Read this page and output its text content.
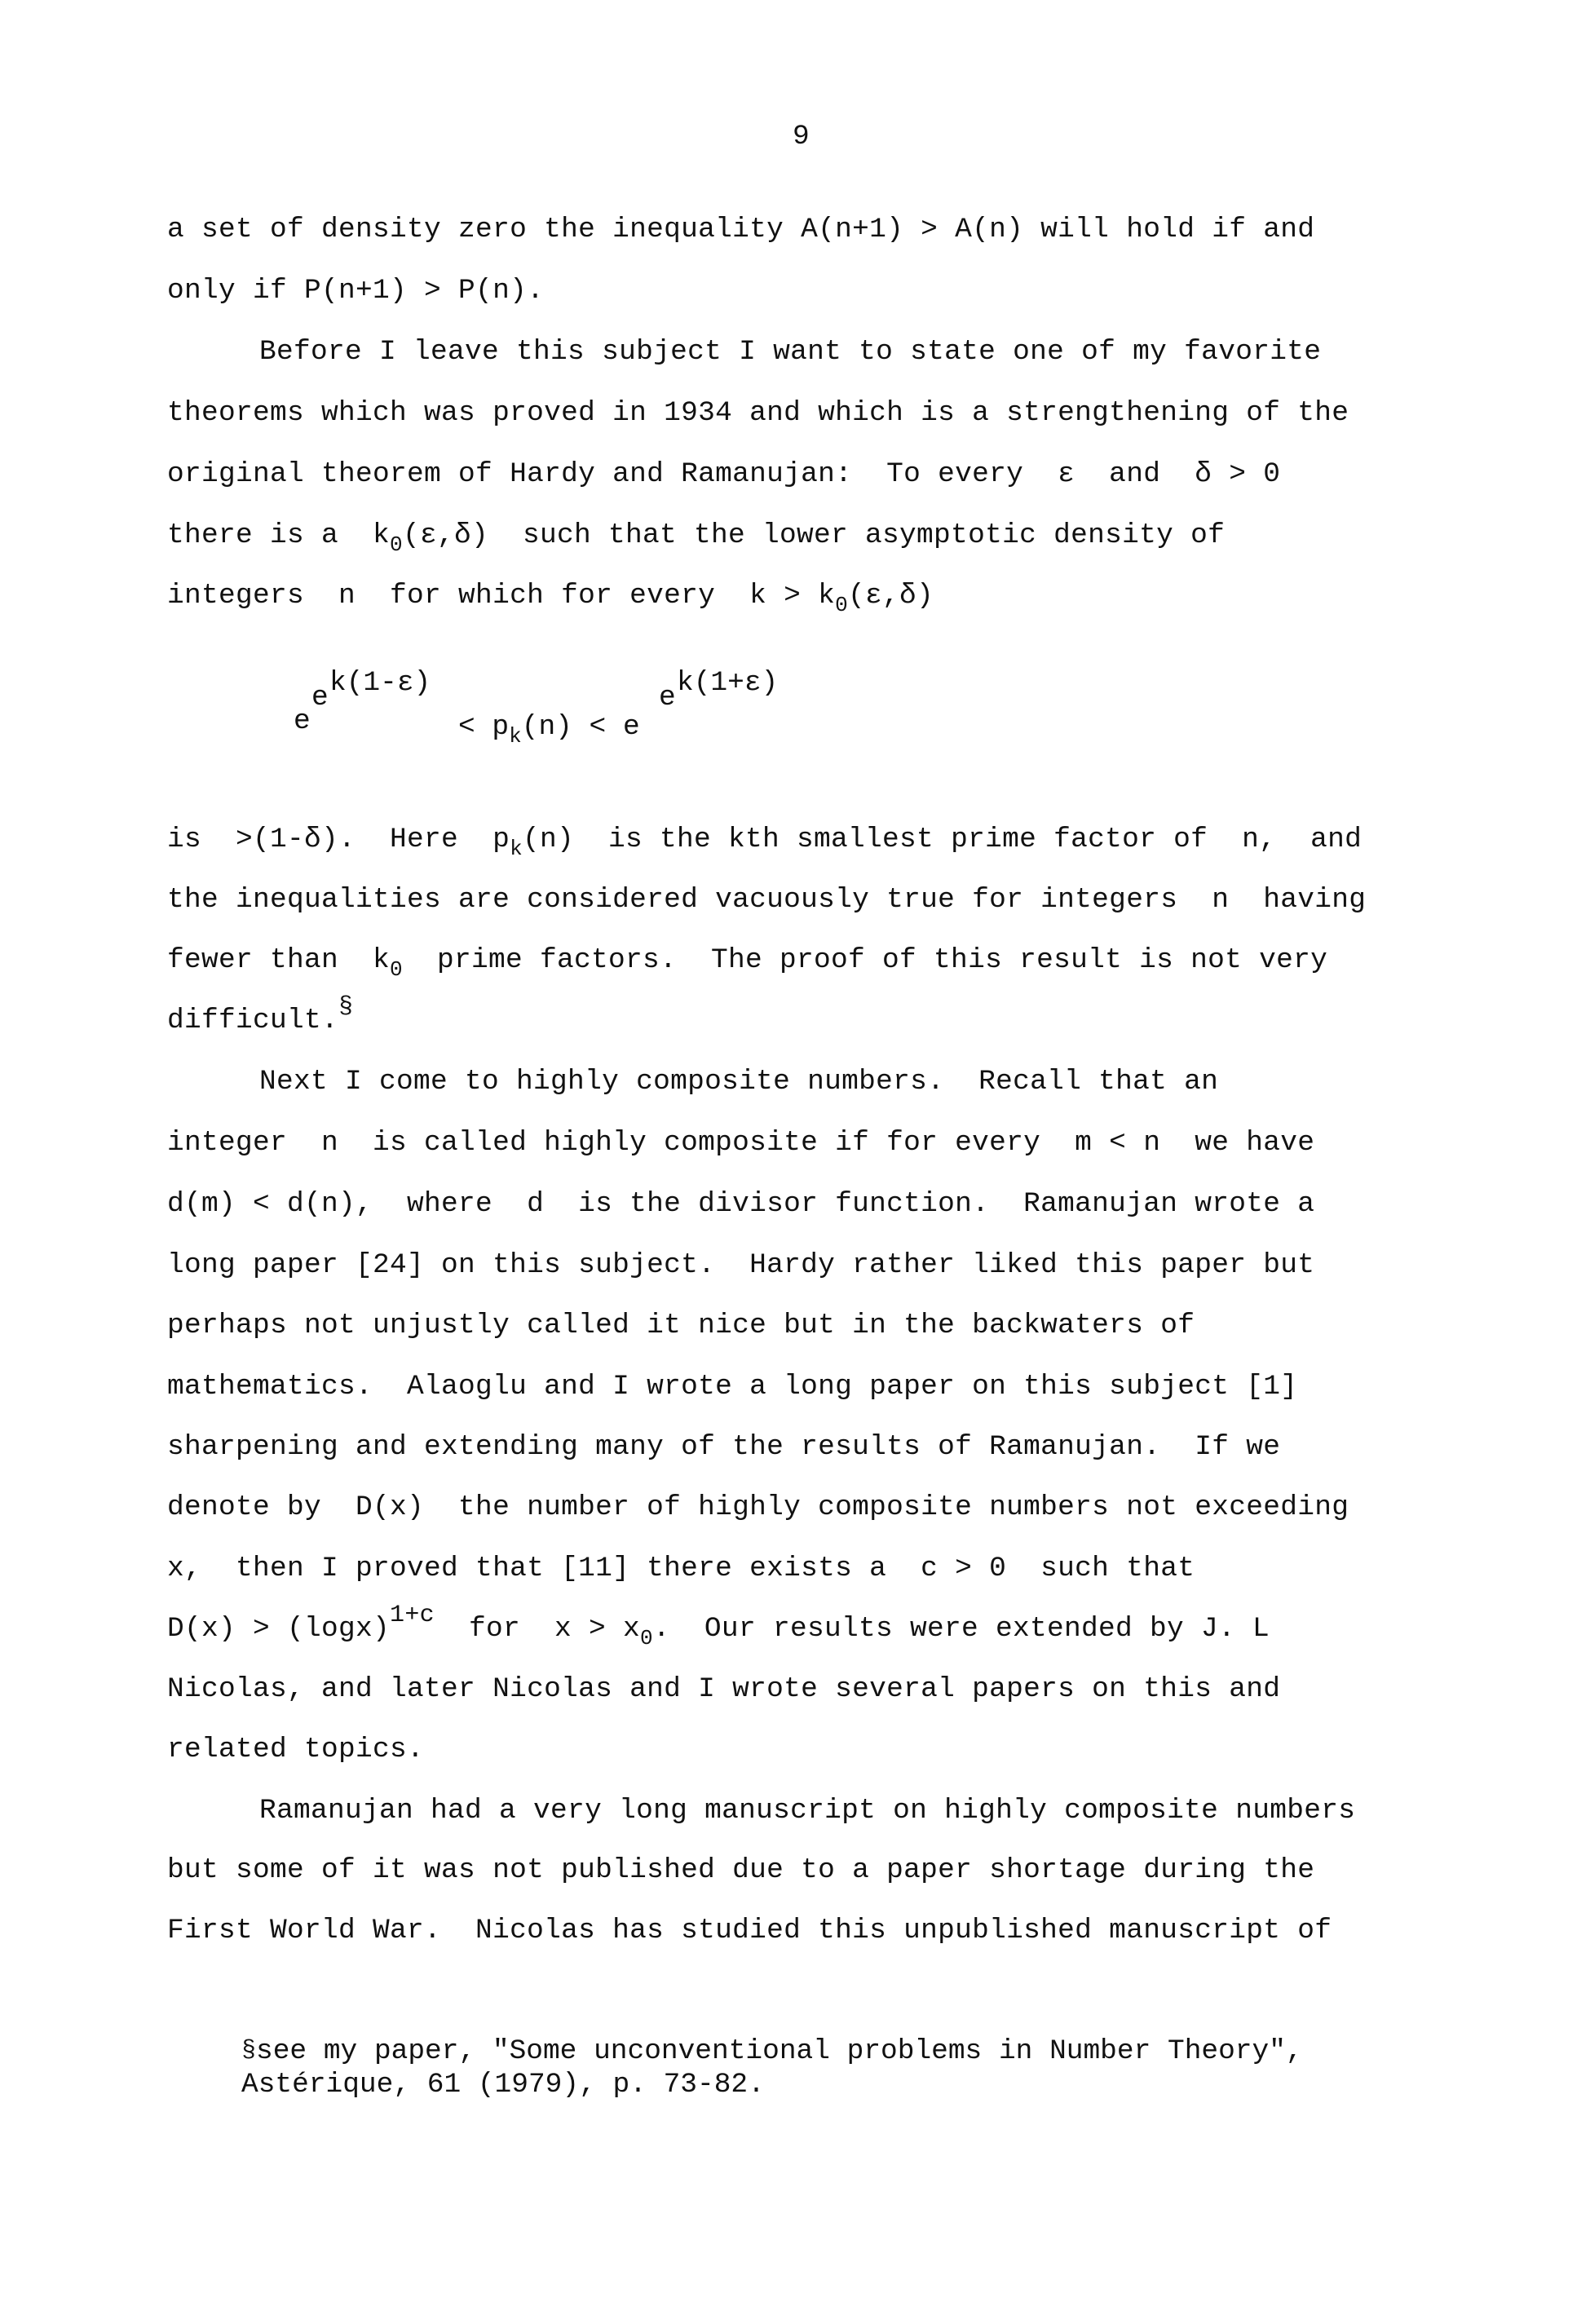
9
a set of density zero the inequality A(n+1) > A(n) will hold if and
only if P(n+1) > P(n).
Before I leave this subject I want to state one of my favorite
theorems which was proved in 1934 and which is a strengthening of the
original theorem of Hardy and Ramanujan:  To every  ε  and  δ > 0
there is a  $k_0(\varepsilon,\delta)$  such that the lower asymptotic density of
integers  n  for which for every  $k > k_0(\varepsilon,\delta)$
e
e k(1-ε)
< $p_k(n) < e$
e k(1+ε)
is  >(1-δ).  Here  $p_k(n)$  is the kth smallest prime factor of  n,  and
the inequalities are considered vacuously true for integers  n  having
fewer than  $k_0$  prime factors.  The proof of this result is not very
difficult.§
Next I come to highly composite numbers.  Recall that an
integer  n  is called highly composite if for every  m < n  we have
d(m) < d(n),  where  d  is the divisor function.  Ramanujan wrote a
long paper [24] on this subject.  Hardy rather liked this paper but
perhaps not unjustly called it nice but in the backwaters of
mathematics.  Alaoglu and I wrote a long paper on this subject [1]
sharpening and extending many of the results of Ramanujan.  If we
denote by  D(x)  the number of highly composite numbers not exceeding
x,  then I proved that [11] there exists a  c > 0  such that
D(x) > (logx)1+c  for  $x > x_0$.  Our results were extended by J. L
Nicolas, and later Nicolas and I wrote several papers on this and
related topics.
Ramanujan had a very long manuscript on highly composite numbers
but some of it was not published due to a paper shortage during the
First World War.  Nicolas has studied this unpublished manuscript of
§see my paper, "Some unconventional problems in Number Theory",
Astérique, 61 (1979), p. 73-82.
